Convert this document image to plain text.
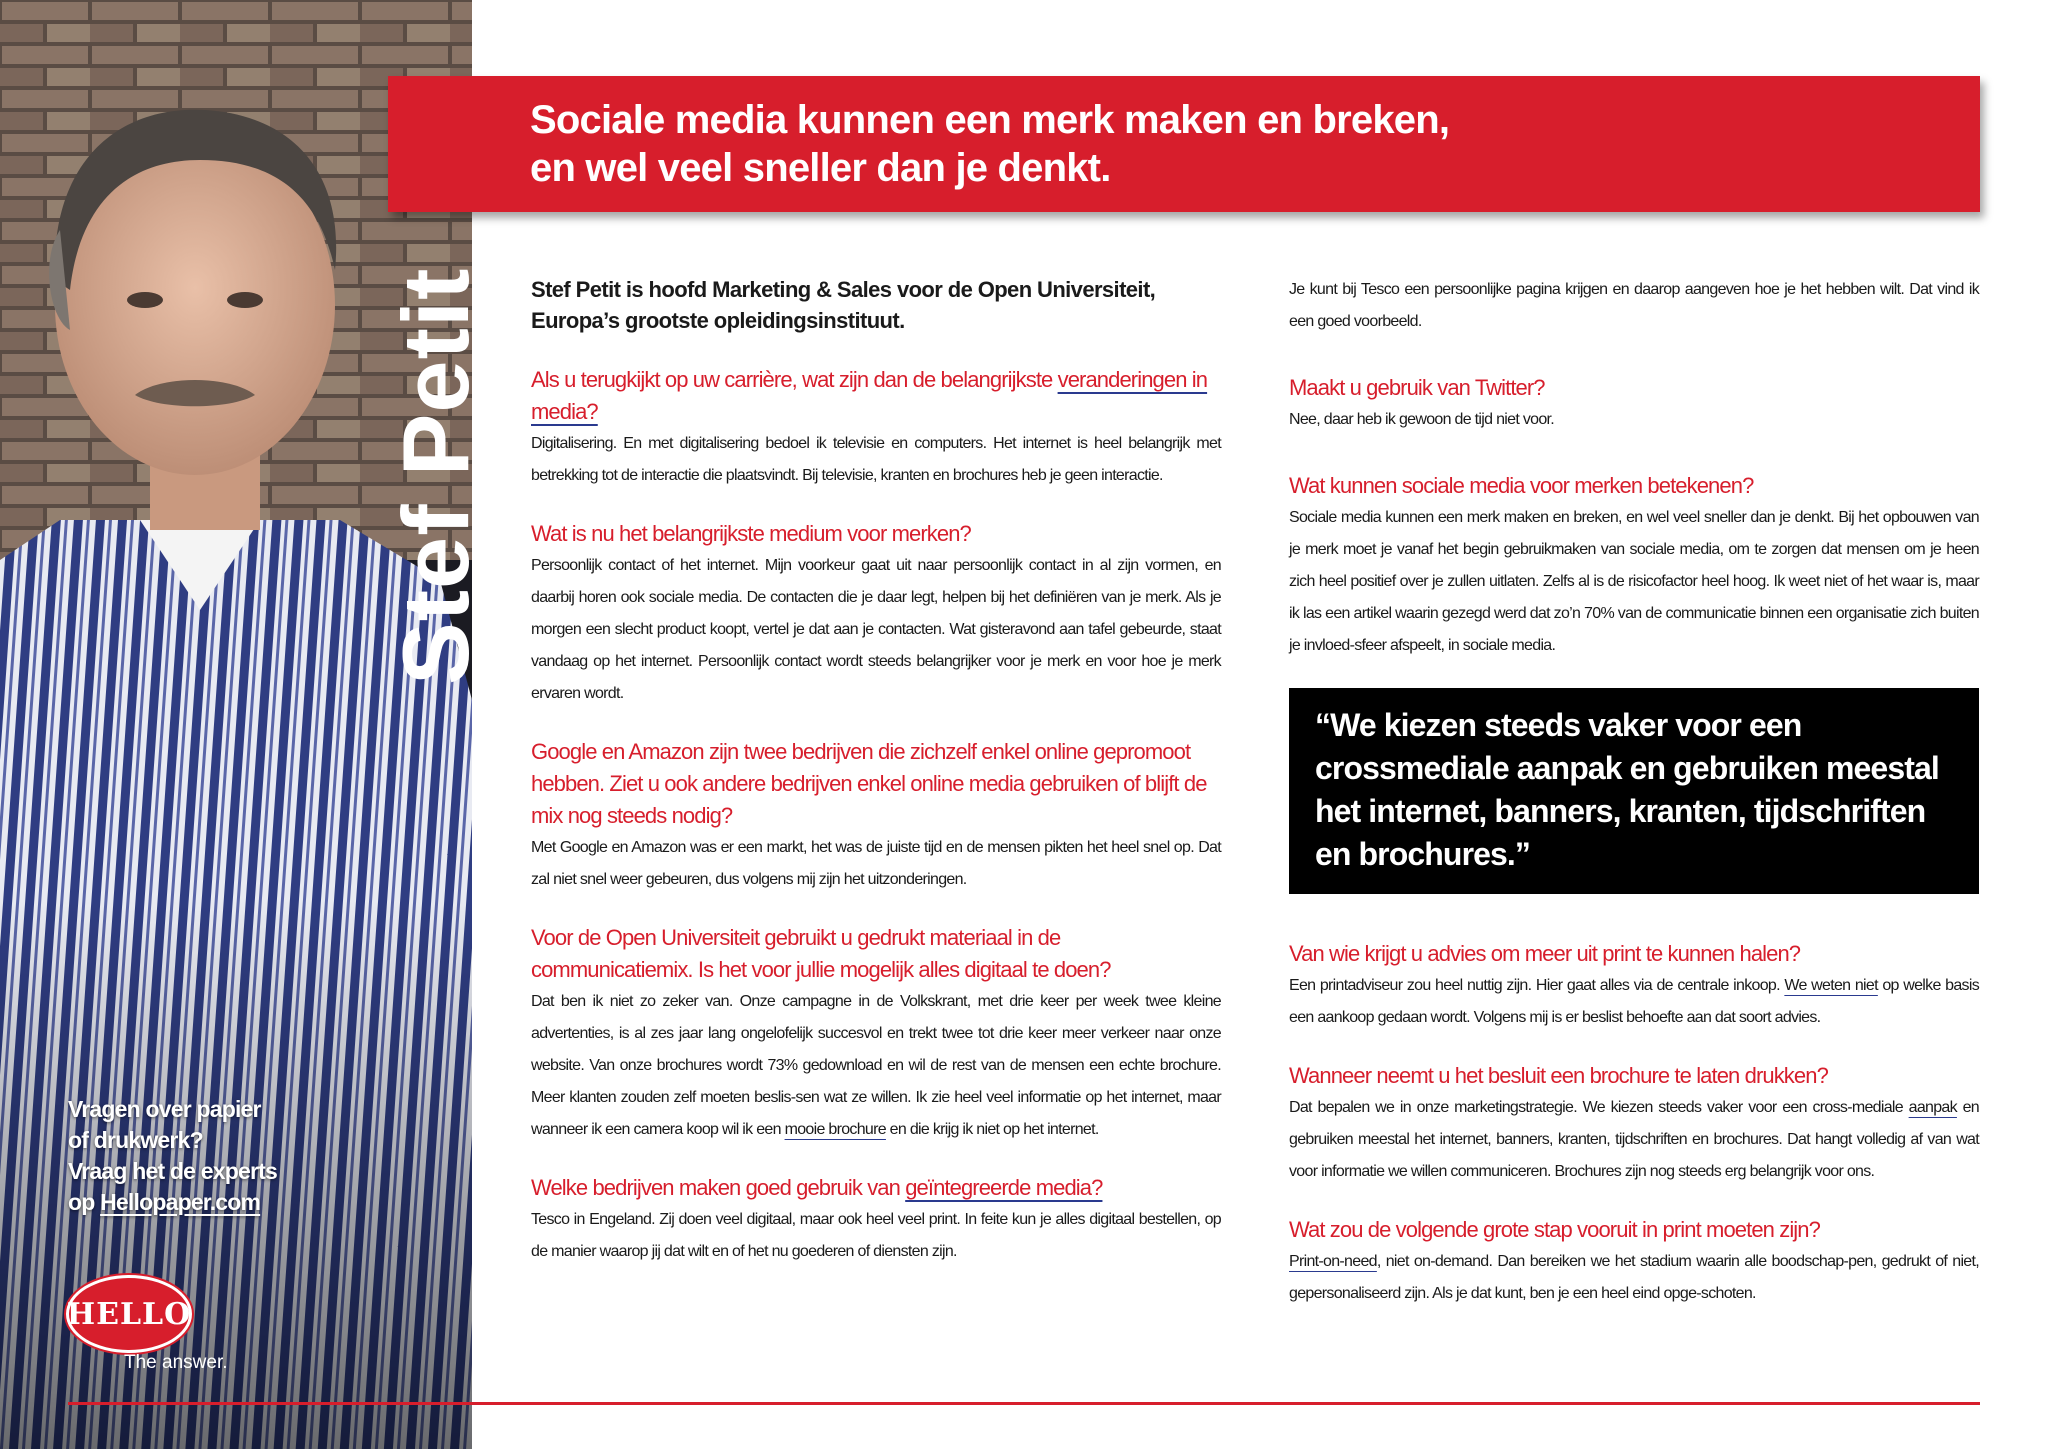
Stef Petit
Vragen over papier
of drukwerk?
Vraag het de experts
op Hellopaper.com
HELLO
The answer.
Sociale media kunnen een merk maken en breken,
en wel veel sneller dan je denkt.

Stef Petit is hoofd Marketing & Sales voor de Open Universiteit, Europa’s grootste opleidingsinstituut.

Als u terugkijkt op uw carrière, wat zijn dan de belangrijkste veranderingen in media?

Digitalisering. En met digitalisering bedoel ik televisie en computers. Het internet is heel belangrijk met betrekking tot de interactie die plaatsvindt. Bij televisie, kranten en brochures heb je geen interactie.

Wat is nu het belangrijkste medium voor merken?

Persoonlijk contact of het internet. Mijn voorkeur gaat uit naar persoonlijk contact in al zijn vormen, en daarbij horen ook sociale media. De contacten die je daar legt, helpen bij het definiëren van je merk. Als je morgen een slecht product koopt, vertel je dat aan je contacten. Wat gisteravond aan tafel gebeurde, staat vandaag op het internet. Persoonlijk contact wordt steeds belangrijker voor je merk en voor hoe je merk ervaren wordt.

Google en Amazon zijn twee bedrijven die zichzelf enkel online gepromoot hebben. Ziet u ook andere bedrijven enkel online media gebruiken of blijft de mix nog steeds nodig?

Met Google en Amazon was er een markt, het was de juiste tijd en de mensen pikten het heel snel op. Dat zal niet snel weer gebeuren, dus volgens mij zijn het uitzonderingen.

Voor de Open Universiteit gebruikt u gedrukt materiaal in de communicatiemix. Is het voor jullie mogelijk alles digitaal te doen?

Dat ben ik niet zo zeker van. Onze campagne in de Volkskrant, met drie keer per week twee kleine advertenties, is al zes jaar lang ongelofelijk succesvol en trekt twee tot drie keer meer verkeer naar onze website. Van onze brochures wordt 73% gedownload en wil de rest van de mensen een echte brochure. Meer klanten zouden zelf moeten beslis-sen wat ze willen. Ik zie heel veel informatie op het internet, maar wanneer ik een camera koop wil ik een mooie brochure en die krijg ik niet op het internet.

Welke bedrijven maken goed gebruik van geïntegreerde media?

Tesco in Engeland. Zij doen veel digitaal, maar ook heel veel print. In feite kun je alles digitaal bestellen, op de manier waarop jij dat wilt en of het nu goederen of diensten zijn.

Je kunt bij Tesco een persoonlijke pagina krijgen en daarop aangeven hoe je het hebben wilt. Dat vind ik een goed voorbeeld.

Maakt u gebruik van Twitter?

Nee, daar heb ik gewoon de tijd niet voor.

Wat kunnen sociale media voor merken betekenen?

Sociale media kunnen een merk maken en breken, en wel veel sneller dan je denkt. Bij het opbouwen van je merk moet je vanaf het begin gebruikmaken van sociale media, om te zorgen dat mensen om je heen zich heel positief over je zullen uitlaten. Zelfs al is de risicofactor heel hoog. Ik weet niet of het waar is, maar ik las een artikel waarin gezegd werd dat zo’n 70% van de communicatie binnen een organisatie zich buiten je invloed-sfeer afspeelt, in sociale media.

“We kiezen steeds vaker voor een crossmediale aanpak en gebruiken meestal het internet, banners, kranten, tijdschriften en brochures.”

Van wie krijgt u advies om meer uit print te kunnen halen?

Een printadviseur zou heel nuttig zijn. Hier gaat alles via de centrale inkoop. We weten niet op welke basis een aankoop gedaan wordt. Volgens mij is er beslist behoefte aan dat soort advies.

Wanneer neemt u het besluit een brochure te laten drukken?

Dat bepalen we in onze marketingstrategie. We kiezen steeds vaker voor een cross-mediale aanpak en gebruiken meestal het internet, banners, kranten, tijdschriften en brochures. Dat hangt volledig af van wat voor informatie we willen communiceren. Brochures zijn nog steeds erg belangrijk voor ons.

Wat zou de volgende grote stap vooruit in print moeten zijn?

Print-on-need, niet on-demand. Dan bereiken we het stadium waarin alle boodschap-pen, gedrukt of niet, gepersonaliseerd zijn. Als je dat kunt, ben je een heel eind opge-schoten.
